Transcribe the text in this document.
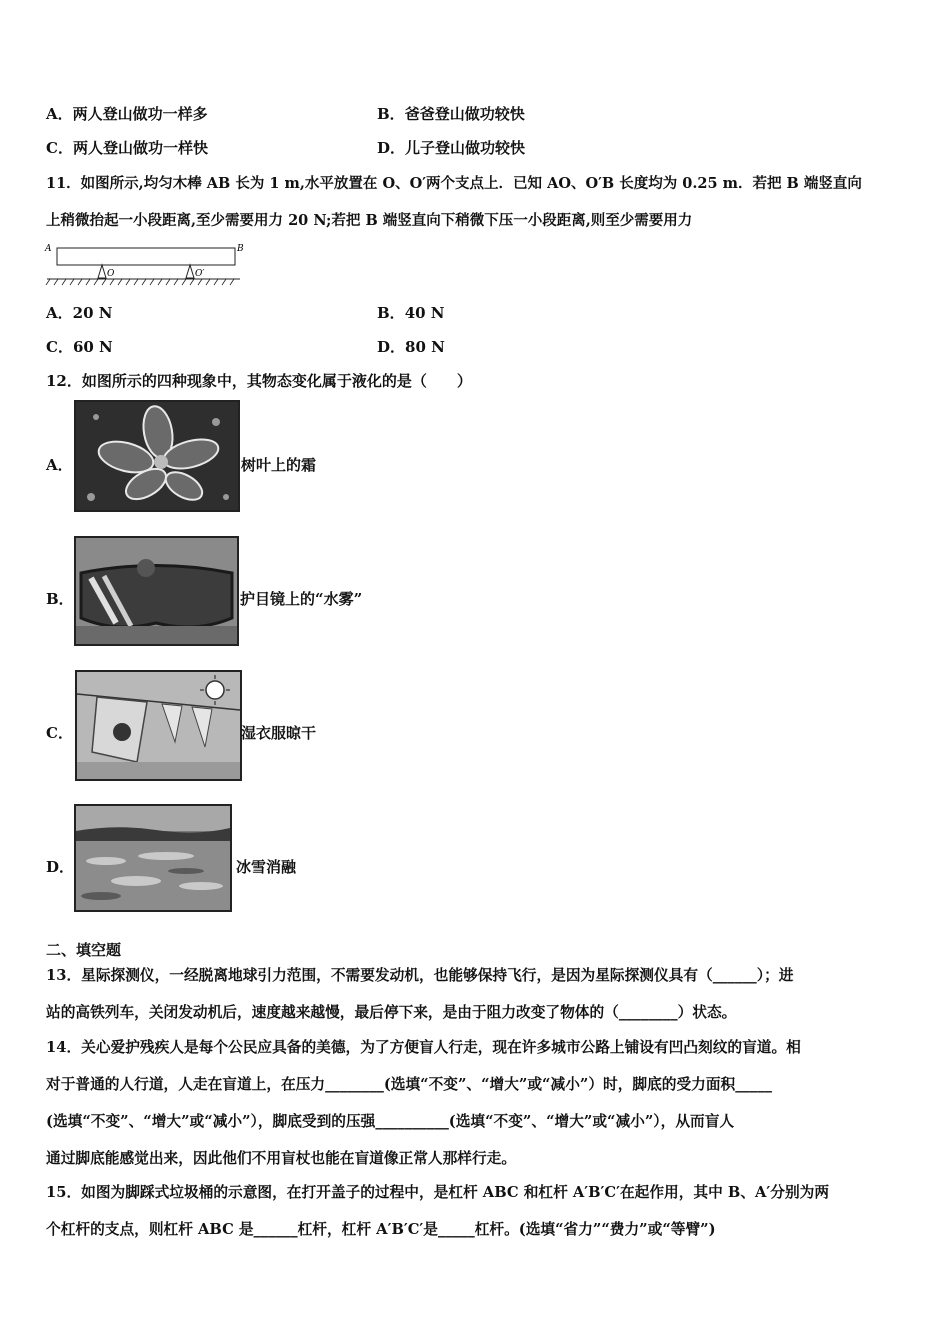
A．两人登山做功一样多	B．爸爸登山做功较快
C．两人登山做功一样快	D．儿子登山做功较快
11．如图所示,均匀木棒 AB 长为 1 m,水平放置在 O、O′两个支点上．已知 AO、O′B 长度均为 0.25 m．若把 B 端竖直向
上稍微抬起一小段距离,至少需要用力 20 N;若把 B 端竖直向下稍微下压一小段距离,则至少需要用力
A	B
O	O′
A．20 N	B．40 N
C．60 N	D．80 N
12．如图所示的四种现象中，其物态变化属于液化的是（　　）
A．	树叶上的霜
B．	护目镜上的“水雾”
C．	湿衣服晾干
D．	冰雪消融
二、填空题
13．星际探测仪，一经脱离地球引力范围，不需要发动机，也能够保持飞行，是因为星际探测仪具有（______）；进
站的高铁列车，关闭发动机后，速度越来越慢，最后停下来，是由于阻力改变了物体的（________）状态。
14．关心爱护残疾人是每个公民应具备的美德，为了方便盲人行走，现在许多城市公路上铺设有凹凸刻纹的盲道。相
对于普通的人行道，人走在盲道上，在压力________(选填“不变”、“增大”或“减小”）时，脚底的受力面积_____
(选填“不变”、“增大”或“减小”），脚底受到的压强__________(选填“不变”、“增大”或“减小”），从而盲人
通过脚底能感觉出来，因此他们不用盲杖也能在盲道像正常人那样行走。
15．如图为脚踩式垃圾桶的示意图，在打开盖子的过程中，是杠杆 ABC 和杠杆 A′B′C′在起作用，其中 B、A′分别为两
个杠杆的支点，则杠杆 ABC 是______杠杆，杠杆 A′B′C′是_____杠杆。(选填“省力”“费力”或“等臂”)
